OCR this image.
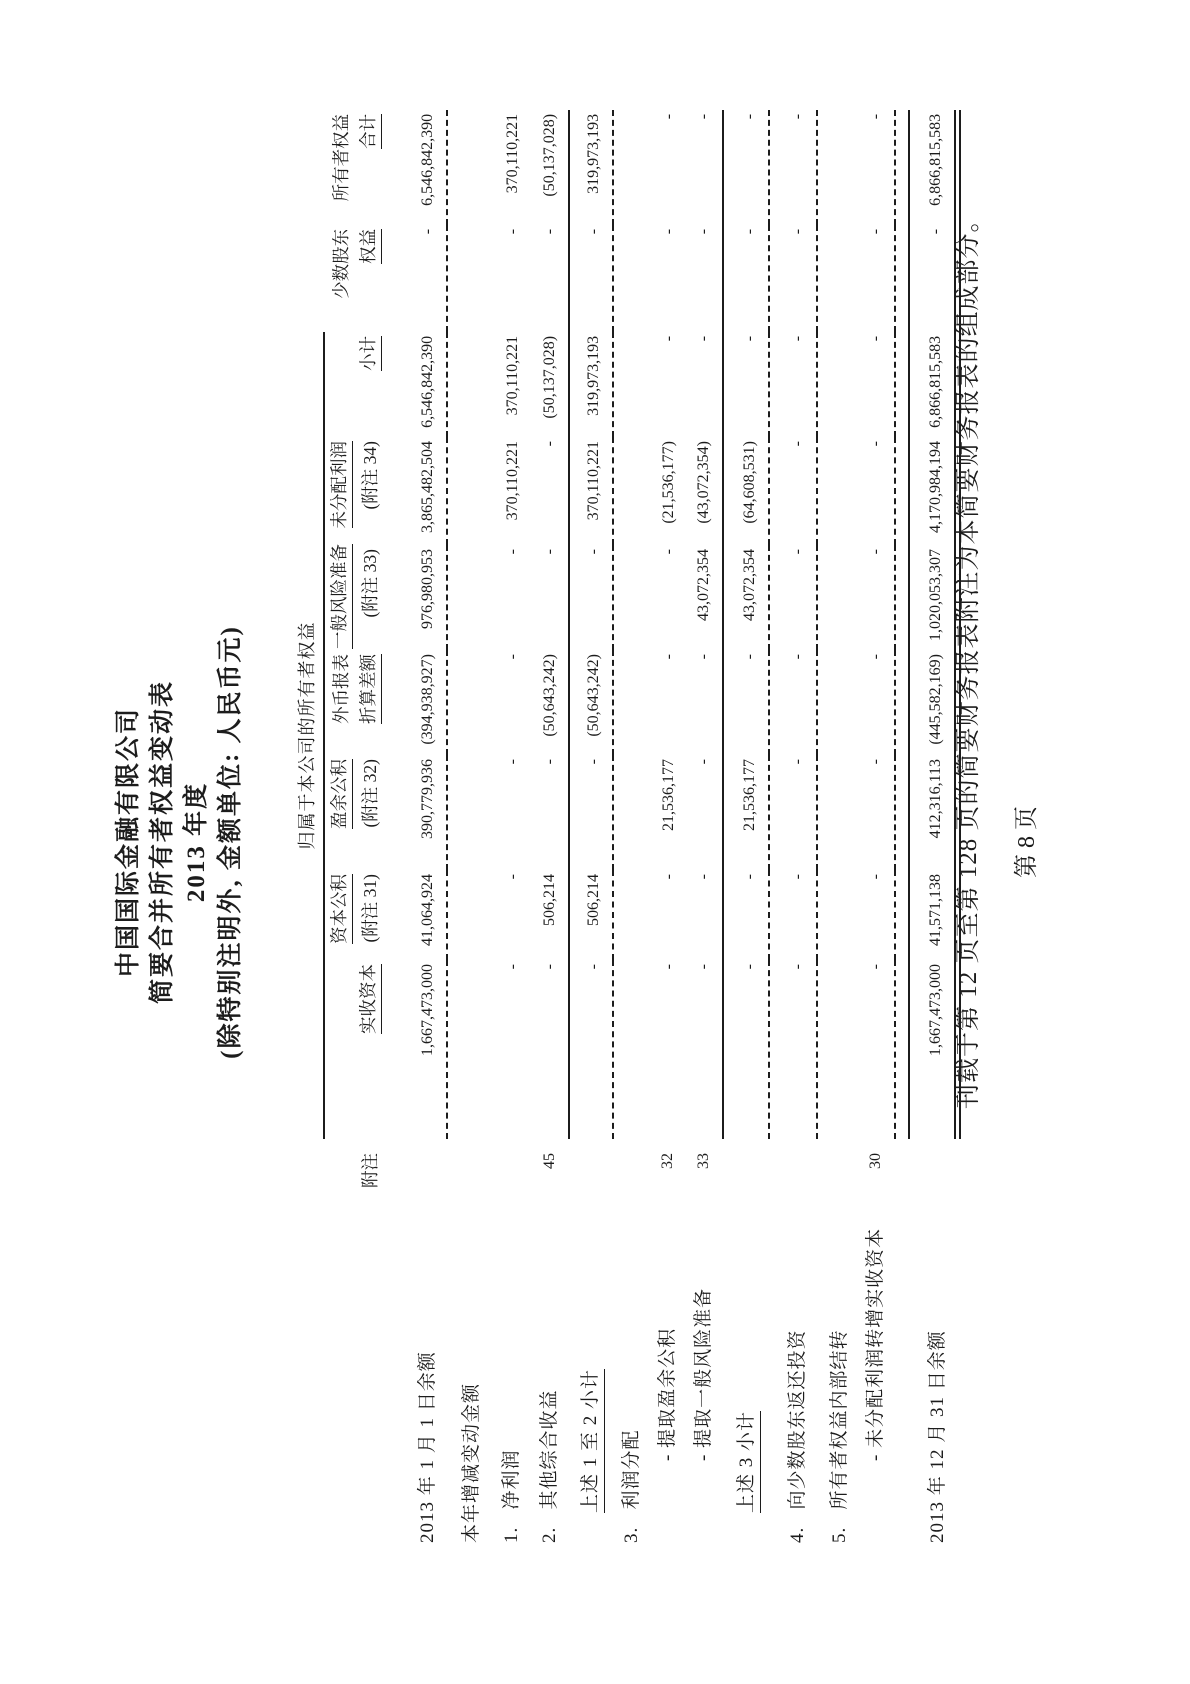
中国国际金融有限公司 简要合并所有者权益变动表 2013 年度 (除特别注明外, 金额单位: 人民币元)
		归属于本公司的所有者权益								
			资本公积	盈余公积	外币报表	一般风险准备	未分配利润		少数股东	所有者权益
	附注	实收资本	(附注 31)	(附注 32)	折算差额	(附注 33)	(附注 34)	小计	权益	合计
2013 年 1 月 1 日余额		1,667,473,000	41,064,924	390,779,936	(394,938,927)	976,980,953	3,865,482,504	6,546,842,390	-	6,546,842,390
本年增减变动金额										
1.   净利润		-	-	-	-	-	370,110,221	370,110,221	-	370,110,221
2.   其他综合收益	45	-	506,214	-	(50,643,242)	-	-	(50,137,028)	-	(50,137,028)
上述 1 至 2 小计		-	506,214	-	(50,643,242)	-	370,110,221	319,973,193	-	319,973,193
3.   利润分配										
- 提取盈余公积	32	-	-	21,536,177	-	-	(21,536,177)	-	-	-
- 提取一般风险准备	33	-	-	-	-	43,072,354	(43,072,354)	-	-	-
上述 3 小计		-	-	21,536,177	-	43,072,354	(64,608,531)	-	-	-
4.   向少数股东返还投资		-	-	-	-	-	-	-	-	-
5.   所有者权益内部结转										
- 未分配利润转增实收资本	30	-	-	-	-	-	-	-	-	-

2013 年 12 月 31 日余额		1,667,473,000	41,571,138	412,316,113	(445,582,169)	1,020,053,307	4,170,984,194	6,866,815,583	-	6,866,815,583
刊载于第 12 页至第 128 页的简要财务报表附注为本简要财务报表的组成部分。	第 8 页
